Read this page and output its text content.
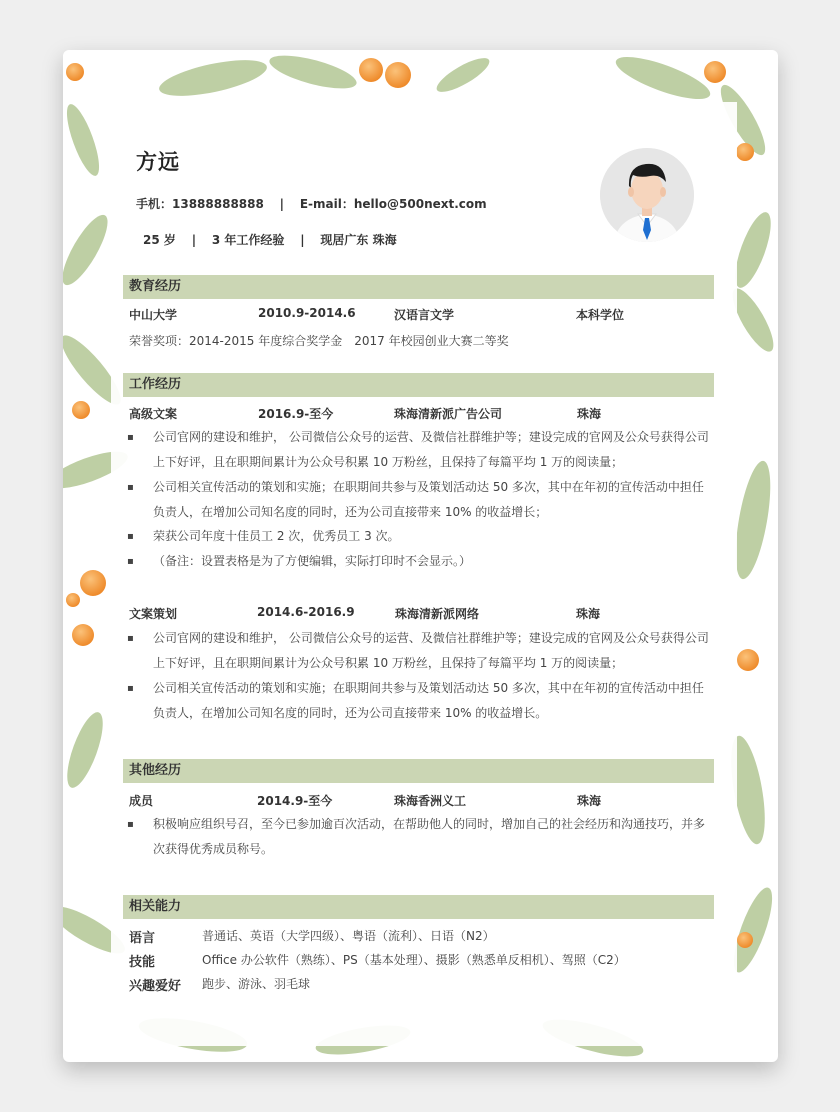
方远
手机：13888888888 | E-mail：hello@500next.com
25 岁 | 3 年工作经验 | 现居广东 珠海
教育经历
中山大学	2010.9-2014.6	汉语言文学	本科学位
荣誉奖项：2014-2015 年度综合奖学金　2017 年校园创业大赛二等奖
工作经历
高级文案	2016.9-至今	珠海清新派广告公司	珠海
▪ 公司官网的建设和维护， 公司微信公众号的运营、及微信社群维护等；建设完成的官网及公众号获得公司上下好评，且在职期间累计为公众号积累 10 万粉丝，且保持了每篇平均 1 万的阅读量；
▪ 公司相关宣传活动的策划和实施；在职期间共参与及策划活动达 50 多次，其中在年初的宣传活动中担任负责人，在增加公司知名度的同时，还为公司直接带来 10% 的收益增长；
▪ 荣获公司年度十佳员工 2 次，优秀员工 3 次。
▪ （备注：设置表格是为了方便编辑，实际打印时不会显示。）
文案策划	2014.6-2016.9	珠海清新派网络	珠海
▪ 公司官网的建设和维护， 公司微信公众号的运营、及微信社群维护等；建设完成的官网及公众号获得公司上下好评，且在职期间累计为公众号积累 10 万粉丝，且保持了每篇平均 1 万的阅读量；
▪ 公司相关宣传活动的策划和实施；在职期间共参与及策划活动达 50 多次，其中在年初的宣传活动中担任负责人，在增加公司知名度的同时，还为公司直接带来 10% 的收益增长。
其他经历
成员	2014.9-至今	珠海香洲义工	珠海
▪ 积极响应组织号召，至今已参加逾百次活动，在帮助他人的同时，增加自己的社会经历和沟通技巧，并多次获得优秀成员称号。
相关能力
语言	普通话、英语（大学四级）、粤语（流利）、日语（N2）
技能	Office 办公软件（熟练）、PS（基本处理）、摄影（熟悉单反相机）、驾照（C2）
兴趣爱好 跑步、游泳、羽毛球
